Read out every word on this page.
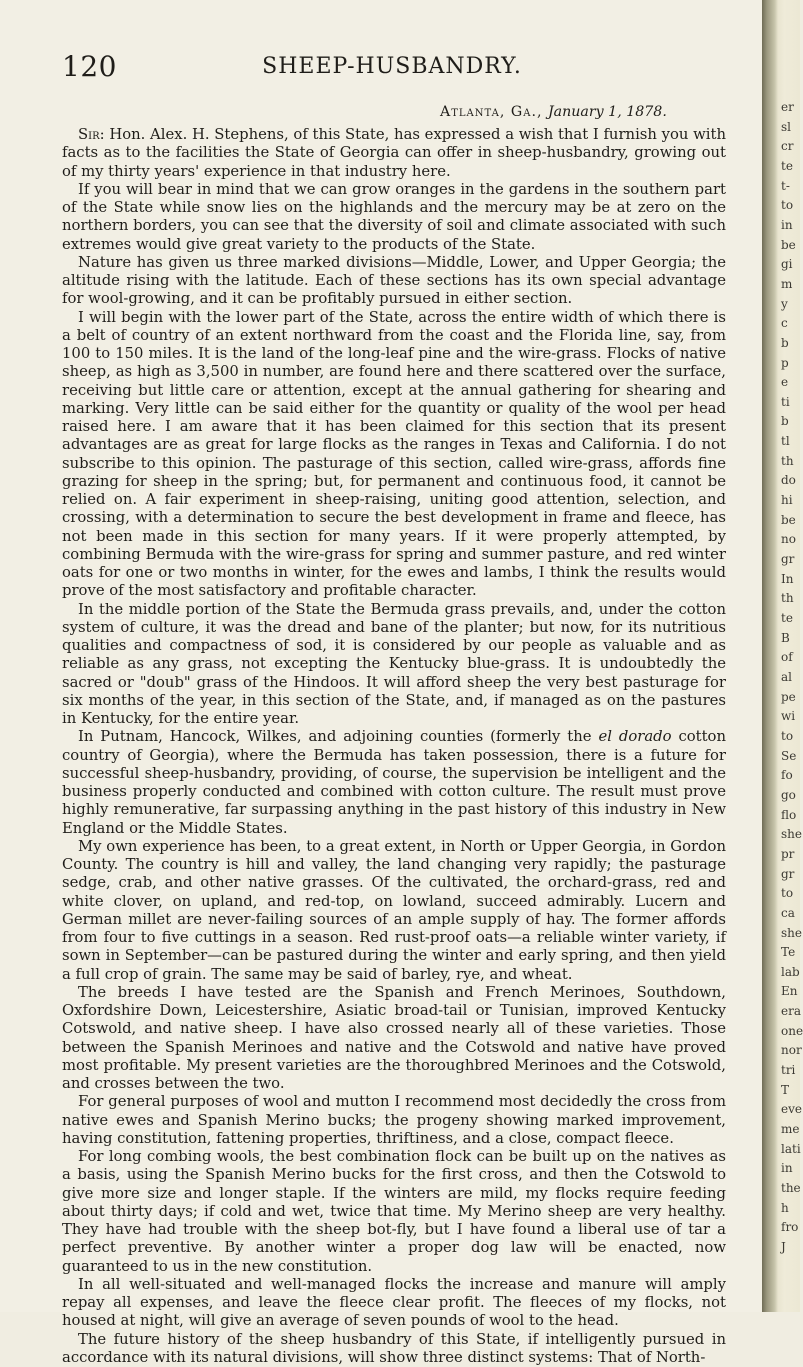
120	SHEEP-HUSBANDRY.
Atlanta, Ga., January 1, 1878.

Sir: Hon. Alex. H. Stephens, of this State, has expressed a wish that I furnish you with facts as to the facilities the State of Georgia can offer in sheep-husbandry, growing out of my thirty years' experience in that industry here.

If you will bear in mind that we can grow oranges in the gardens in the southern part of the State while snow lies on the highlands and the mercury may be at zero on the northern borders, you can see that the diversity of soil and climate associated with such extremes would give great variety to the products of the State.

Nature has given us three marked divisions—Middle, Lower, and Upper Georgia; the altitude rising with the latitude. Each of these sections has its own special advantage for wool-growing, and it can be profitably pursued in either section.

I will begin with the lower part of the State, across the entire width of which there is a belt of country of an extent northward from the coast and the Florida line, say, from 100 to 150 miles. It is the land of the long-leaf pine and the wire-grass. Flocks of native sheep, as high as 3,500 in number, are found here and there scattered over the surface, receiving but little care or attention, except at the annual gathering for shearing and marking. Very little can be said either for the quantity or quality of the wool per head raised here. I am aware that it has been claimed for this section that its present advantages are as great for large flocks as the ranges in Texas and California. I do not subscribe to this opinion. The pasturage of this section, called wire-grass, affords fine grazing for sheep in the spring; but, for permanent and continuous food, it cannot be relied on. A fair experiment in sheep-raising, uniting good attention, selection, and crossing, with a determination to secure the best development in frame and fleece, has not been made in this section for many years. If it were properly attempted, by combining Bermuda with the wire-grass for spring and summer pasture, and red winter oats for one or two months in winter, for the ewes and lambs, I think the results would prove of the most satisfactory and profitable character.

In the middle portion of the State the Bermuda grass prevails, and, under the cotton system of culture, it was the dread and bane of the planter; but now, for its nutritious qualities and compactness of sod, it is considered by our people as valuable and as reliable as any grass, not excepting the Kentucky blue-grass. It is undoubtedly the sacred or "doub" grass of the Hindoos. It will afford sheep the very best pasturage for six months of the year, in this section of the State, and, if managed as on the pastures in Kentucky, for the entire year.

In Putnam, Hancock, Wilkes, and adjoining counties (formerly the el dorado cotton country of Georgia), where the Bermuda has taken possession, there is a future for successful sheep-husbandry, providing, of course, the supervision be intelligent and the business properly conducted and combined with cotton culture. The result must prove highly remunerative, far surpassing anything in the past history of this industry in New England or the Middle States.

My own experience has been, to a great extent, in North or Upper Georgia, in Gordon County. The country is hill and valley, the land changing very rapidly; the pasturage sedge, crab, and other native grasses. Of the cultivated, the orchard-grass, red and white clover, on upland, and red-top, on lowland, succeed admirably. Lucern and German millet are never-failing sources of an ample supply of hay. The former affords from four to five cuttings in a season. Red rust-proof oats—a reliable winter variety, if sown in September—can be pastured during the winter and early spring, and then yield a full crop of grain. The same may be said of barley, rye, and wheat.

The breeds I have tested are the Spanish and French Merinoes, Southdown, Oxfordshire Down, Leicestershire, Asiatic broad-tail or Tunisian, improved Kentucky Cotswold, and native sheep. I have also crossed nearly all of these varieties. Those between the Spanish Merinoes and native and the Cotswold and native have proved most profitable. My present varieties are the thoroughbred Merinoes and the Cotswold, and crosses between the two.

For general purposes of wool and mutton I recommend most decidedly the cross from native ewes and Spanish Merino bucks; the progeny showing marked improvement, having constitution, fattening properties, thriftiness, and a close, compact fleece.

For long combing wools, the best combination flock can be built up on the natives as a basis, using the Spanish Merino bucks for the first cross, and then the Cotswold to give more size and longer staple. If the winters are mild, my flocks require feeding about thirty days; if cold and wet, twice that time. My Merino sheep are very healthy. They have had trouble with the sheep bot-fly, but I have found a liberal use of tar a perfect preventive. By another winter a proper dog law will be enacted, now guaranteed to us in the new constitution.

In all well-situated and well-managed flocks the increase and manure will amply repay all expenses, and leave the fleece clear profit. The fleeces of my flocks, not housed at night, will give an average of seven pounds of wool to the head.

The future history of the sheep husbandry of this State, if intelligently pursued in accordance with its natural divisions, will show three distinct systems: That of North-

er
sl
cr
te
t-
to
in
be
gi
m
y
c
b
p
e
ti
b
tl
th
do
hi
be
no
gr
In
th
te
B
of
al
pe
wi
to
Se
fo
go
flo
she
pr
gr
to
ca
she
Te
lab
En
era
one
nor
tri
T
eve
me
lati
in
the
h
fro
J
